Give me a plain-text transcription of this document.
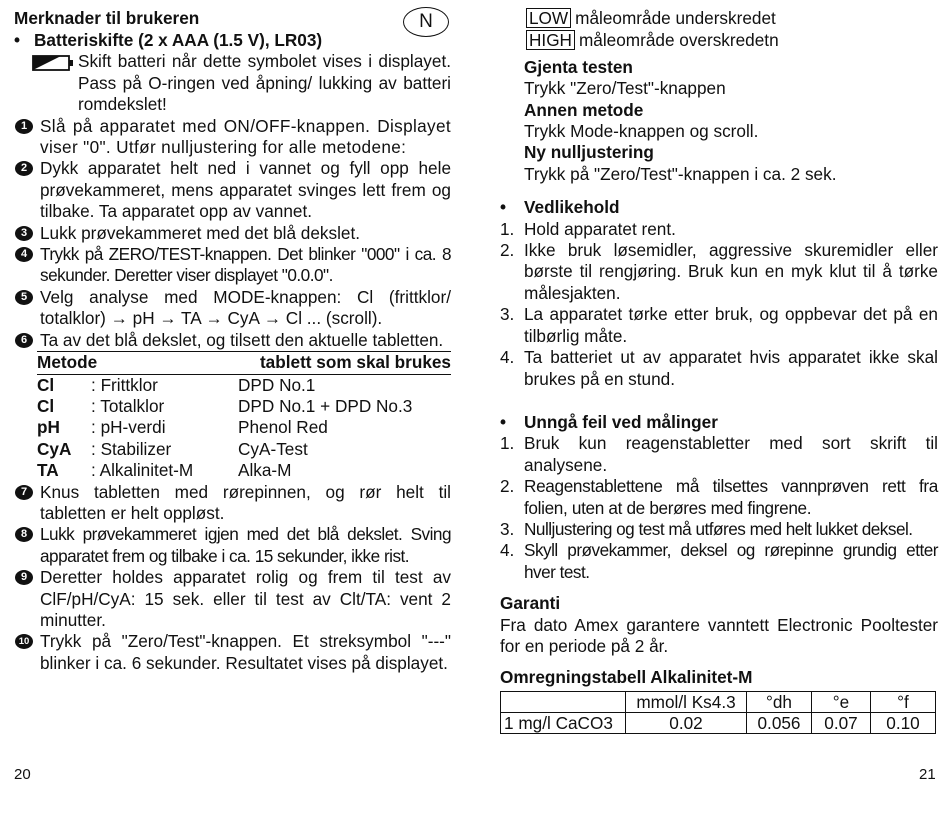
Merknader til brukeren	N
• Batteriskifte (2 x AAA (1.5 V), LR03)
Skift batteri når dette symbolet vises i displayet. Pass på O-ringen ved åpning/ lukking av batteri romdekslet!
1 Slå på apparatet med ON/OFF-knappen. Displayet viser "0". Utfør nulljustering for alle metodene:
2 Dykk apparatet helt ned i vannet og fyll opp hele prøvekammeret, mens apparatet svinges lett frem og tilbake. Ta apparatet opp av vannet.
3 Lukk prøvekammeret med det blå dekslet.
4 Trykk på ZERO/TEST-knappen. Det blinker "000" i ca. 8 sekunder. Deretter viser displayet "0.0.0".
5 Velg analyse med MODE-knappen: Cl (frittklor/ totalklor) → pH → TA → CyA → Cl ... (scroll).
6 Ta av det blå dekslet, og tilsett den aktuelle tabletten.
Metode		tablett som skal brukes
Cl	: Frittklor	DPD No.1
Cl	: Totalklor	DPD No.1 + DPD No.3
pH	: pH-verdi	Phenol Red
CyA	: Stabilizer	CyA-Test
TA	: Alkalinitet-M	Alka-M
7 Knus tabletten med rørepinnen, og rør helt til tabletten er helt oppløst.
8 Lukk prøvekammeret igjen med det blå dekslet. Sving apparatet frem og tilbake i ca. 15 sekunder, ikke rist.
9 Deretter holdes apparatet rolig og frem til test av ClF/pH/CyA: 15 sek. eller til test av Clt/TA: vent 2 minutter.
10 Trykk på "Zero/Test"-knappen. Et streksymbol "---" blinker i ca. 6 sekunder. Resultatet vises på displayet.
LOW måleområde underskredet
HIGH måleområde overskredetn
Gjenta testen
Trykk "Zero/Test"-knappen
Annen metode
Trykk Mode-knappen og scroll.
Ny nulljustering
Trykk på "Zero/Test"-knappen i ca. 2 sek.
•	Vedlikehold
1. Hold apparatet rent.
2. Ikke bruk løsemidler, aggressive skuremidler eller børste til rengjøring. Bruk kun en myk klut til å tørke målesjakten.
3. La apparatet tørke etter bruk, og oppbevar det på en tilbørlig måte.
4. Ta batteriet ut av apparatet hvis apparatet ikke skal brukes på en stund.
•	Unngå feil ved målinger
1. Bruk kun reagenstabletter med sort skrift til analysene.
2. Reagenstablettene må tilsettes vannprøven rett fra folien, uten at de berøres med fingrene.
3. Nulljustering og test må utføres med helt lukket deksel.
4. Skyll prøvekammer, deksel og rørepinne grundig etter hver test.
Garanti
Fra dato Amex garantere vanntett Electronic Pooltester for en periode på 2 år.
Omregningstabell Alkalinitet-M
	mmol/l Ks4.3	°dh	°e	°f
1 mg/l CaCO3	0.02	0.056	0.07	0.10
20	21
